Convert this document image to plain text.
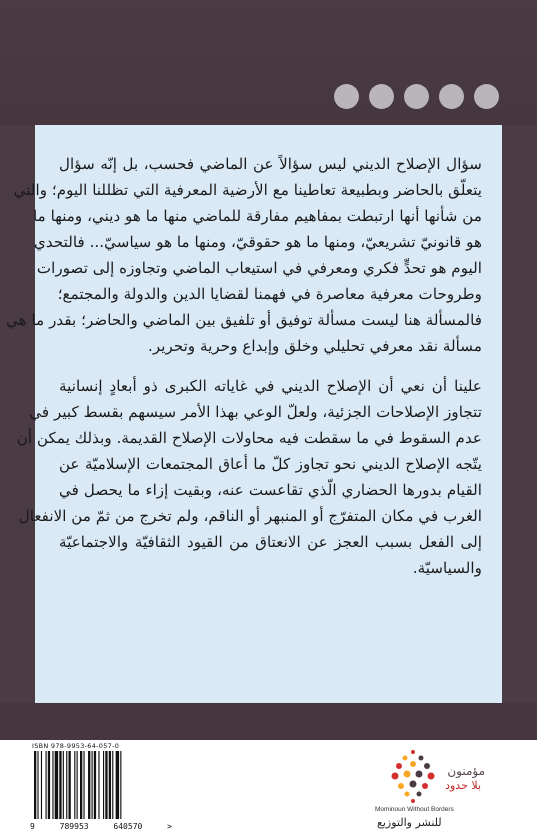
سؤال الإصلاح الديني ليس سؤالاً عن الماضي فحسب، بل إنّه سؤال
يتعلّق بالحاضر وبطبيعة تعاطينا مع الأرضية المعرفية التي تظللنا اليوم؛ والتي
من شأنها أنها ارتبطت بمفاهيم مفارقة للماضي منها ما هو ديني، ومنها ما
هو قانونيّ تشريعيّ، ومنها ما هو حقوقيّ، ومنها ما هو سياسيّ... فالتحدي
اليوم هو تحدٍّ فكري ومعرفي في استيعاب الماضي وتجاوزه إلى تصورات
وطروحات معرفية معاصرة في فهمنا لقضايا الدين والدولة والمجتمع؛
فالمسألة هنا ليست مسألة توفيق أو تلفيق بين الماضي والحاضر؛ بقدر ما هي
مسألة نقد معرفي تحليلي وخلق وإبداع وحرية وتحرير.

علينا أن نعي أن الإصلاح الديني في غاياته الكبرى ذو أبعادٍ إنسانية
تتجاوز الإصلاحات الجزئية، ولعلّ الوعي بهذا الأمر سيسهم بقسط كبير في
عدم السقوط في ما سقطت فيه محاولات الإصلاح القديمة. وبذلك يمكن أن
يتّجه الإصلاح الديني نحو تجاوز كلّ ما أعاق المجتمعات الإسلاميّة عن
القيام بدورها الحضاري الّذي تقاعست عنه، وبقيت إزاء ما يحصل في
الغرب في مكان المتفرّج أو المنبهر أو الناقم، ولم تخرج من ثمّ من الانفعال
إلى الفعل بسبب العجز عن الانعتاق من القيود الثقافيّة والاجتماعيّة
والسياسيّة.

ISBN 978-9953-64-057-0
9	789953	640570	>
مؤمنون
بلا حدود
Mominoun Without Borders
للنشر والتوزيع
